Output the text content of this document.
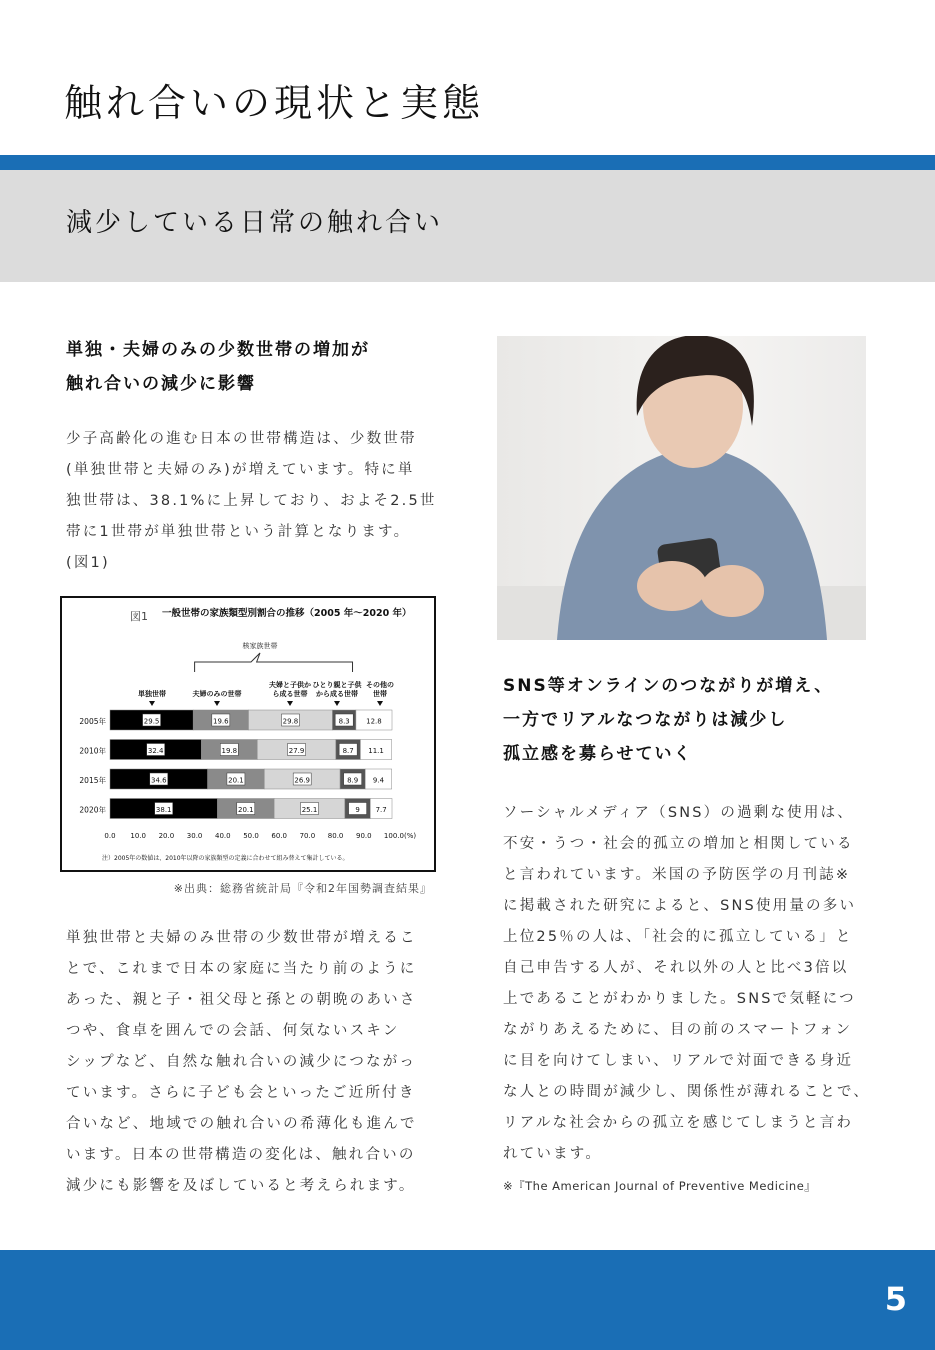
触れ合いの現状と実態
減少している日常の触れ合い
単独・夫婦のみの少数世帯の増加が
触れ合いの減少に影響
少子高齢化の進む日本の世帯構造は、少数世帯
(単独世帯と夫婦のみ)が増えています。特に単
独世帯は、38.1%に上昇しており、およそ2.5世
帯に1世帯が単独世帯という計算となります。
(図1)
図1 一般世帯の家族類型別割合の推移（2005 年～2020 年）
核家族世帯
2005年	29.5	19.6	29.8	8.3 12.8
2010年	32.4	19.8	27.9	8.7 11.1
2015年	34.6	20.1	26.9	8.9 9.4
2020年	38.1	20.1	25.1	9 7.7
0.0 10.0 20.0 30.0 40.0 50.0 60.0 70.0 80.0 90.0 100.0(%)
注）2005年の数値は、2010年以降の家族類型の定義に合わせて組み替えて集計している。
単独世帯	夫婦のみの世帯
夫婦と子供から成る世帯
ひとり親と子供から成る世帯
その他の世帯
※出典：総務省統計局『令和2年国勢調査結果』
単独世帯と夫婦のみ世帯の少数世帯が増えるこ
とで、これまで日本の家庭に当たり前のように
あった、親と子・祖父母と孫との朝晩のあいさ
つや、食卓を囲んでの会話、何気ないスキン
シップなど、自然な触れ合いの減少につながっ
ています。さらに子ども会といったご近所付き
合いなど、地域での触れ合いの希薄化も進んで
います。日本の世帯構造の変化は、触れ合いの
減少にも影響を及ぼしていると考えられます。
SNS等オンラインのつながりが増え、
一方でリアルなつながりは減少し
孤立感を募らせていく
ソーシャルメディア（SNS）の過剰な使用は、
不安・うつ・社会的孤立の増加と相関している
と言われています。米国の予防医学の月刊誌※
に掲載された研究によると、SNS使用量の多い
上位25％の人は、「社会的に孤立している」と
自己申告する人が、それ以外の人と比べ3倍以
上であることがわかりました。SNSで気軽につ
ながりあえるために、目の前のスマートフォン
に目を向けてしまい、リアルで対面できる身近
な人との時間が減少し、関係性が薄れることで、
リアルな社会からの孤立を感じてしまうと言わ
れています。
※『The American Journal of Preventive Medicine』
5
